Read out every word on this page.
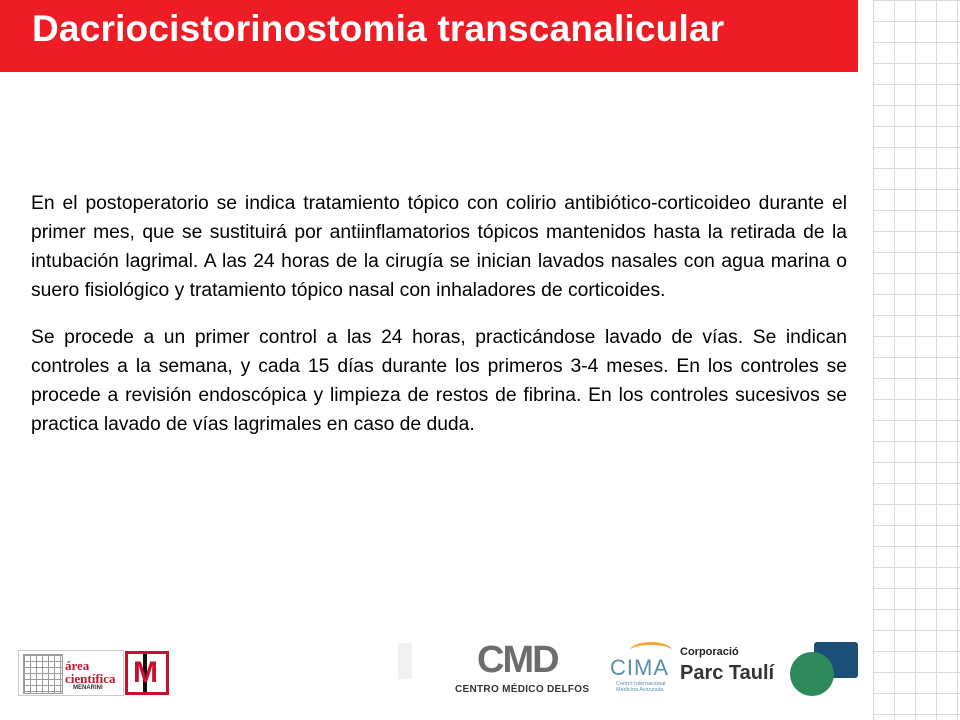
Dacriocistorinostomia transcanalicular

En el postoperatorio se indica tratamiento tópico con colirio antibiótico-corticoideo durante el primer mes, que se sustituirá por antiinflamatorios tópicos mantenidos hasta la retirada de la intubación lagrimal. A las 24 horas de la cirugía se inician lavados nasales con agua marina o suero fisiológico y tratamiento tópico nasal con inhaladores de corticoides.

Se procede a un primer control a las 24 horas, practicándose lavado de vías. Se indican controles a la semana, y cada 15 días durante los primeros 3-4 meses. En los controles se procede a revisión endoscópica y limpieza de restos de fibrina. En los controles sucesivos se practica lavado de vías lagrimales en caso de duda.

área
científica
MENARINI M	CMD
CENTRO MÉDICO DELFOS
CIMA
Centro Internacional
Medicina Avanzada
Corporació
Parc Taulí
